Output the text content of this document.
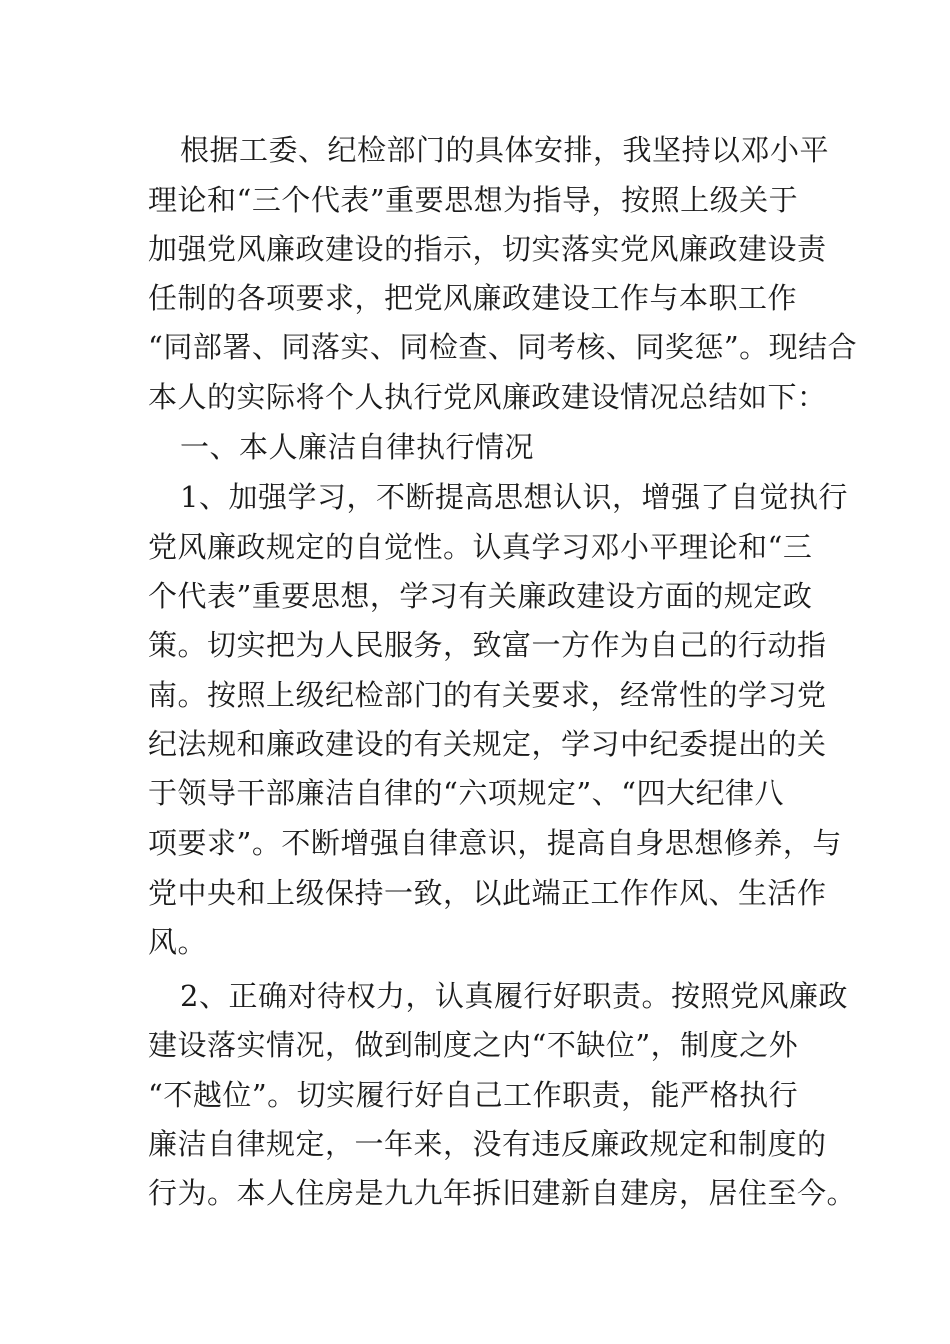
根据工委、纪检部门的具体安排，我坚持以邓小平
理论和“三个代表”重要思想为指导，按照上级关于
加强党风廉政建设的指示，切实落实党风廉政建设责
任制的各项要求，把党风廉政建设工作与本职工作
“同部署、同落实、同检查、同考核、同奖惩”。现结合
本人的实际将个人执行党风廉政建设情况总结如下：
一、本人廉洁自律执行情况
1、加强学习，不断提高思想认识，增强了自觉执行
党风廉政规定的自觉性。认真学习邓小平理论和“三
个代表”重要思想，学习有关廉政建设方面的规定政
策。切实把为人民服务，致富一方作为自己的行动指
南。按照上级纪检部门的有关要求，经常性的学习党
纪法规和廉政建设的有关规定，学习中纪委提出的关
于领导干部廉洁自律的“六项规定”、“四大纪律八
项要求”。不断增强自律意识，提高自身思想修养，与
党中央和上级保持一致，以此端正工作作风、生活作
风。
2、正确对待权力，认真履行好职责。按照党风廉政
建设落实情况，做到制度之内“不缺位”，制度之外
“不越位”。切实履行好自己工作职责，能严格执行
廉洁自律规定，一年来，没有违反廉政规定和制度的
行为。本人住房是九九年拆旧建新自建房，居住至今。
